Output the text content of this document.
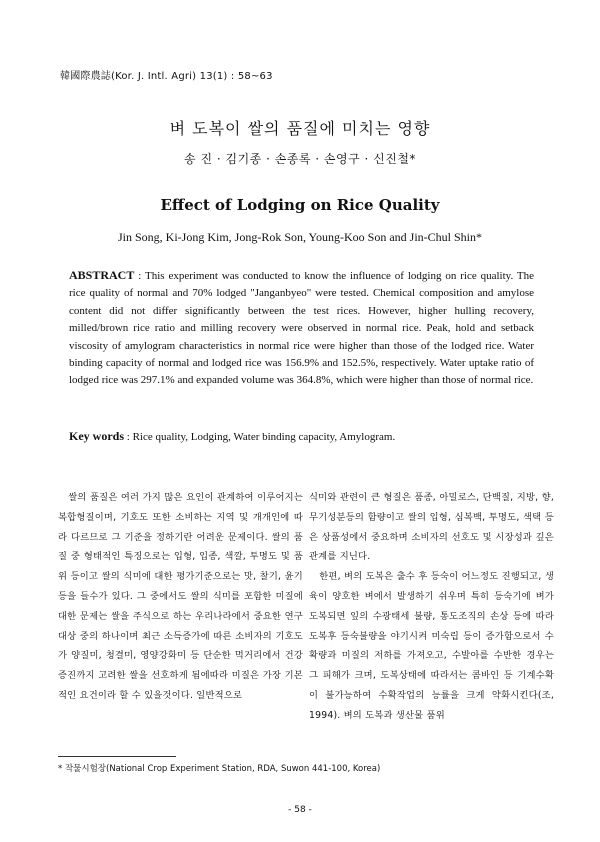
韓國際農誌(Kor. J. Intl. Agri) 13(1) : 58~63
벼 도복이 쌀의 품질에 미치는 영향
송 진 · 김기종 · 손종록 · 손영구 · 신진철*
Effect of Lodging on Rice Quality
Jin Song, Ki-Jong Kim, Jong-Rok Son, Young-Koo Son and Jin-Chul Shin*
ABSTRACT : This experiment was conducted to know the influence of lodging on rice quality. The rice quality of normal and 70% lodged "Janganbyeo" were tested. Chemical composition and amylose content did not differ significantly between the test rices. However, higher hulling recovery, milled/brown rice ratio and milling recovery were observed in normal rice. Peak, hold and setback viscosity of amylogram characteristics in normal rice were higher than those of the lodged rice. Water binding capacity of normal and lodged rice was 156.9% and 152.5%, respectively. Water uptake ratio of lodged rice was 297.1% and expanded volume was 364.8%, which were higher than those of normal rice.
Key words : Rice quality, Lodging, Water binding capacity, Amylogram.

쌀의 품질은 여러 가지 많은 요인이 관계하여 이루어지는 복합형질이며, 기호도 또한 소비하는 지역 및 개개인에 따라 다르므로 그 기준을 정하기란 어려운 문제이다. 쌀의 품질 중 형태적인 특징으로는 입형, 입종, 색깔, 투명도 및 품위 등이고 쌀의 식미에 대한 평가기준으로는 맛, 찰기, 윤기 등을 들수가 있다. 그 중에서도 쌀의 식미를 포함한 미질에 대한 문제는 쌀을 주식으로 하는 우리나라에서 중요한 연구대상 중의 하나이며 최근 소득증가에 따른 소비자의 기호도가 양질미, 청결미, 영양강화미 등 단순한 먹거리에서 건강증진까지 고려한 쌀을 선호하게 됨에따라 미질은 가장 기본적인 요건이라 할 수 있을것이다. 일반적으로

식미와 관련이 큰 형질은 품종, 아밀로스, 단백질, 지방, 향, 무기성분등의 함량이고 쌀의 입형, 심복백, 투명도, 색택 등은 상품성에서 중요하며 소비자의 선호도 및 시장성과 깊은 관계를 지닌다.

한편, 벼의 도복은 출수 후 등숙이 어느정도 진행되고, 생육이 양호한 벼에서 발생하기 쉬우며 특히 등숙기에 벼가 도복되면 잎의 수광태세 불량, 통도조직의 손상 등에 따라 도복후 등숙불량을 야기시켜 미숙립 등이 증가함으로서 수확량과 미질의 저하를 가져오고, 수발아를 수반한 경우는 그 피해가 크며, 도복상태에 따라서는 콤바인 등 기계수확이 불가능하여 수확작업의 능률을 크게 약화시킨다(조, 1994). 벼의 도복과 생산물 품위

* 작물시험장(National Crop Experiment Station, RDA, Suwon 441-100, Korea)
- 58 -
